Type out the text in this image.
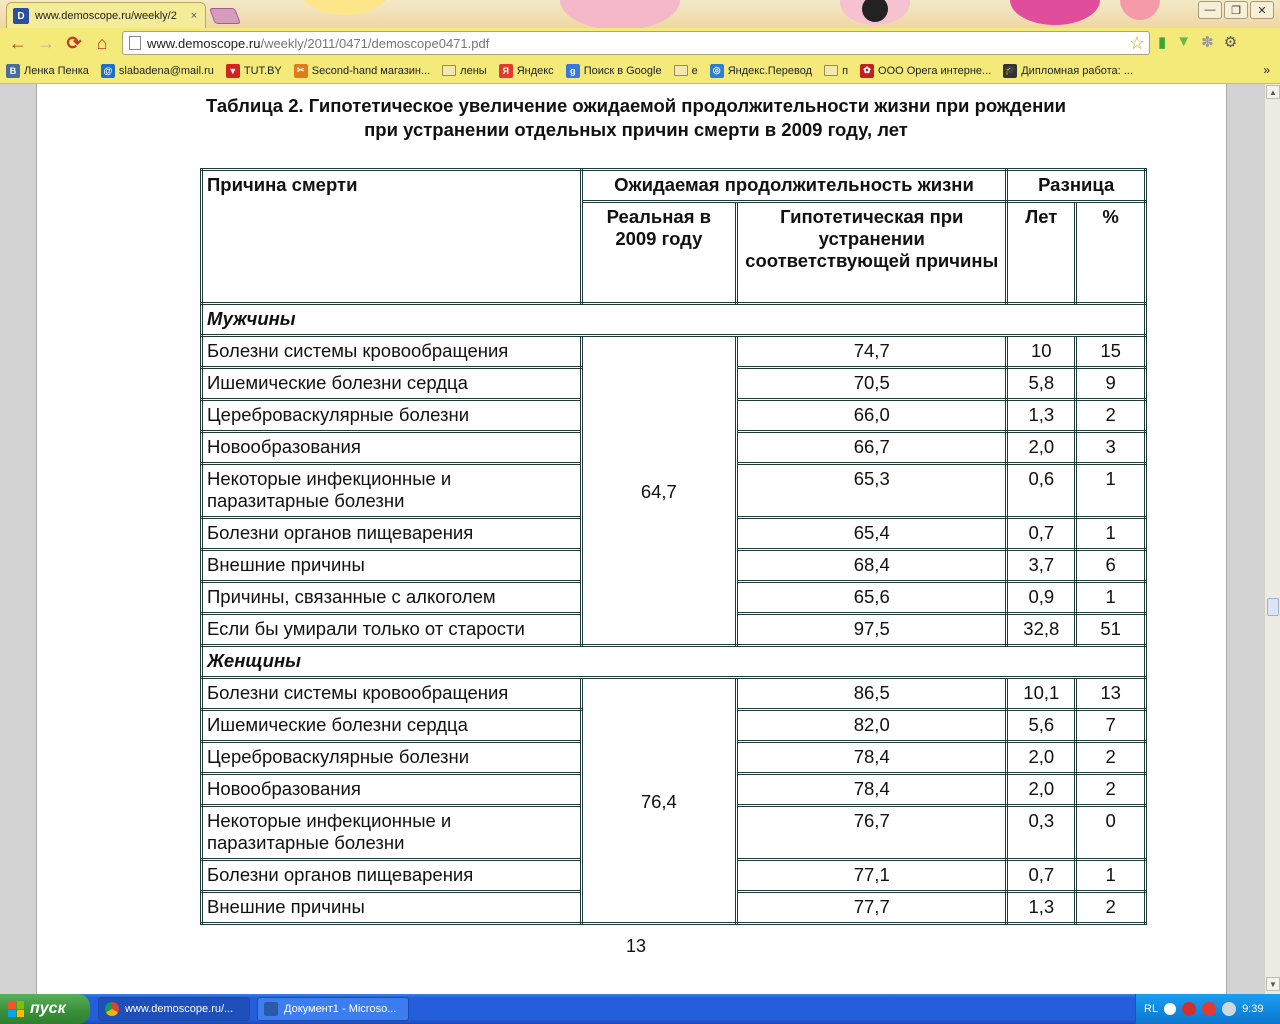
D www.demoscope.ru/weekly/2	×	—	❐	✕
← → ⟳ ⌂	www.demoscope.ru /weekly/2011/0471/demoscope0471.pdf	☆ ▮ ▼ ✽ ⚙
В Ленка Пенка @ slabadena@mail.ru ▼ TUT.BY	✂ Second-hand магазин...	лены	Я Яндекс	g Поиск в Google	е	◎ Яндекс.Перевод	п	✿ ООО Орега интерне... 🎓 Дипломная работа: ...	»
Таблица 2. Гипотетическое увеличение ожидаемой продолжительности жизни при рождении
при устранении отдельных причин смерти в 2009 году, лет
Причина смерти	Ожидаемая продолжительность жизни		Разница	
	Реальная в 2009 году	Гипотетическая при устранении соответствующей причины	Лет	%
Мужчины				
Болезни системы кровообращения	64,7	74,7	10	15
Ишемические болезни сердца		70,5	5,8	9
Цереброваскулярные болезни		66,0	1,3	2
Новообразования		66,7	2,0	3
Некоторые инфекционные и паразитарные болезни		65,3	0,6	1
Болезни органов пищеварения		65,4	0,7	1
Внешние причины		68,4	3,7	6
Причины, связанные с алкоголем		65,6	0,9	1
Если бы умирали только от старости		97,5	32,8	51
Женщины				
Болезни системы кровообращения	76,4	86,5	10,1	13
Ишемические болезни сердца		82,0	5,6	7
Цереброваскулярные болезни		78,4	2,0	2
Новообразования		78,4	2,0	2
Некоторые инфекционные и паразитарные болезни		76,7	0,3	0
Болезни органов пищеварения		77,1	0,7	1
Внешние причины		77,7	1,3	2
13
▲
▼
пуск	www.demoscope.ru/...	Документ1 - Microso...	RL	9:39
